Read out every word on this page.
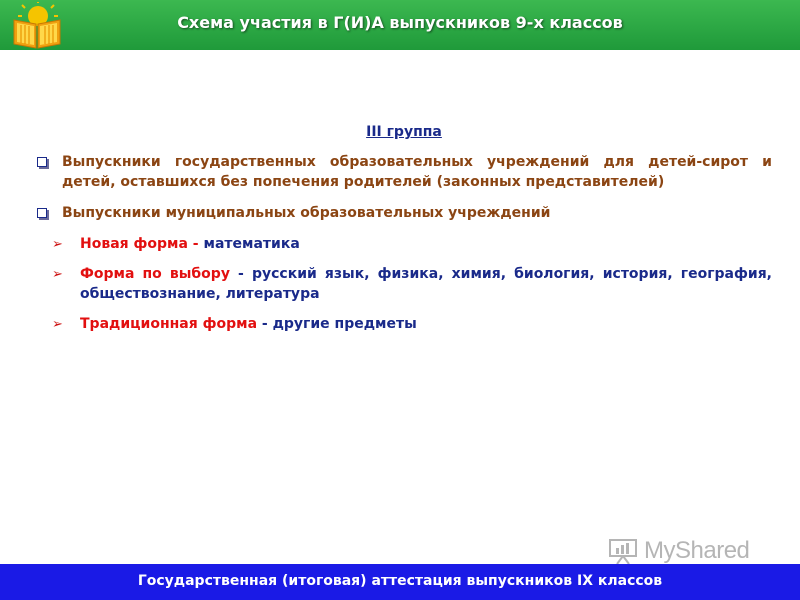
Схема участия в Г(И)А выпускников 9-х классов
III группа
Выпускники государственных образовательных учреждений для детей-сирот и детей, оставшихся без попечения родителей (законных представителей)
Выпускники муниципальных образовательных учреждений
➢ Новая форма - математика
➢ Форма по выбору - русский язык, физика, химия, биология, история, география, обществознание, литература
➢ Традиционная форма - другие предметы
MyShared
Государственная (итоговая) аттестация выпускников IX классов
